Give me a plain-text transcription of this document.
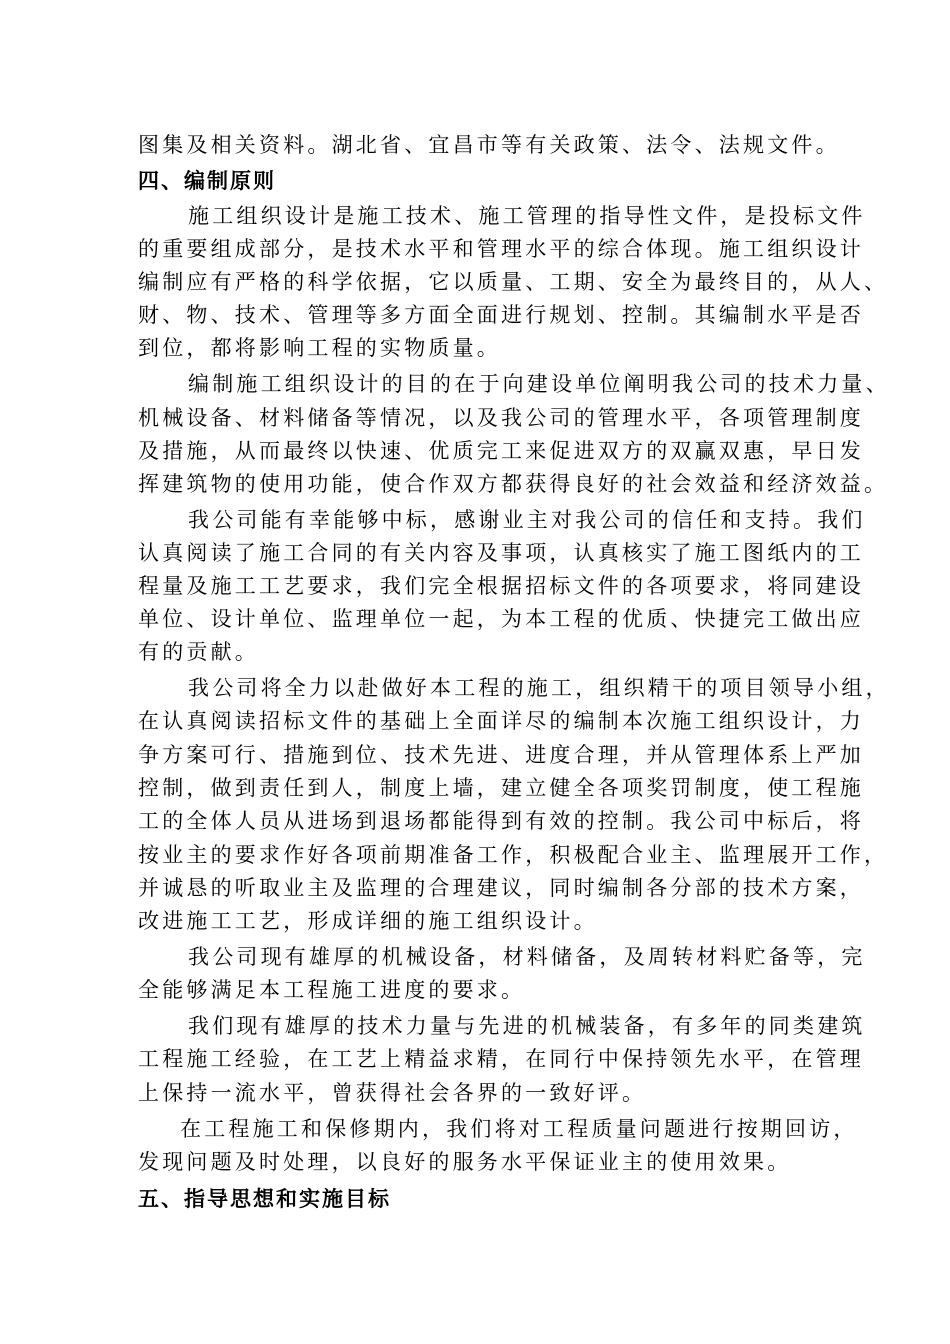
图集及相关资料。湖北省、宜昌市等有关政策、法令、法规文件。
四、编制原则
施工组织设计是施工技术、施工管理的指导性文件，是投标文件
的重要组成部分，是技术水平和管理水平的综合体现。施工组织设计
编制应有严格的科学依据，它以质量、工期、安全为最终目的，从人、
财、物、技术、管理等多方面全面进行规划、控制。其编制水平是否
到位，都将影响工程的实物质量。
编制施工组织设计的目的在于向建设单位阐明我公司的技术力量、
机械设备、材料储备等情况，以及我公司的管理水平，各项管理制度
及措施，从而最终以快速、优质完工来促进双方的双赢双惠，早日发
挥建筑物的使用功能，使合作双方都获得良好的社会效益和经济效益。
我公司能有幸能够中标，感谢业主对我公司的信任和支持。我们
认真阅读了施工合同的有关内容及事项，认真核实了施工图纸内的工
程量及施工工艺要求，我们完全根据招标文件的各项要求，将同建设
单位、设计单位、监理单位一起，为本工程的优质、快捷完工做出应
有的贡献。
我公司将全力以赴做好本工程的施工，组织精干的项目领导小组，
在认真阅读招标文件的基础上全面详尽的编制本次施工组织设计，力
争方案可行、措施到位、技术先进、进度合理，并从管理体系上严加
控制，做到责任到人，制度上墙，建立健全各项奖罚制度，使工程施
工的全体人员从进场到退场都能得到有效的控制。我公司中标后，将
按业主的要求作好各项前期准备工作，积极配合业主、监理展开工作，
并诚恳的听取业主及监理的合理建议，同时编制各分部的技术方案，
改进施工工艺，形成详细的施工组织设计。
我公司现有雄厚的机械设备，材料储备，及周转材料贮备等，完
全能够满足本工程施工进度的要求。
我们现有雄厚的技术力量与先进的机械装备，有多年的同类建筑
工程施工经验，在工艺上精益求精，在同行中保持领先水平，在管理
上保持一流水平，曾获得社会各界的一致好评。
在工程施工和保修期内，我们将对工程质量问题进行按期回访，
发现问题及时处理，以良好的服务水平保证业主的使用效果。
五、指导思想和实施目标
